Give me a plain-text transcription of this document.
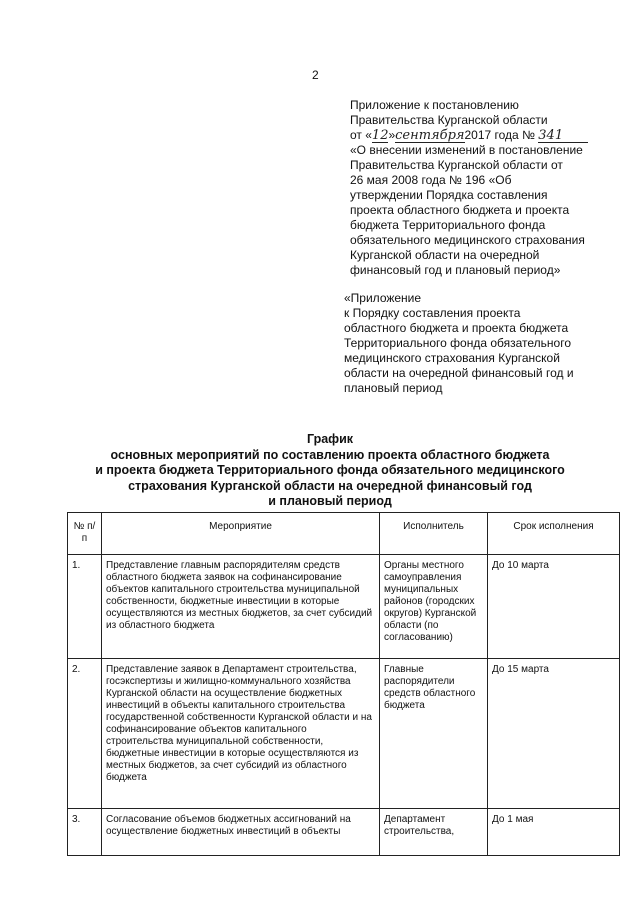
2
Приложение к постановлению
Правительства Курганской области
от «12»сентября2017 года № 341
«О внесении изменений в постановление
Правительства Курганской области от
26 мая 2008 года № 196 «Об
утверждении Порядка составления
проекта областного бюджета и проекта
бюджета Территориального фонда
обязательного медицинского страхования
Курганской области на очередной
финансовый год и плановый период»
«Приложение
к Порядку составления проекта
областного бюджета и проекта бюджета
Территориального фонда обязательного
медицинского страхования Курганской
области на очередной финансовый год и
плановый период
График
основных мероприятий по составлению проекта областного бюджета
и проекта бюджета Территориального фонда обязательного медицинского
страхования Курганской области на очередной финансовый год
и плановый период
№ п/п	Мероприятие	Исполнитель	Срок исполнения
1.	Представление главным распорядителям средств областного бюджета заявок на софинансирование объектов капитального строительства муниципальной собственности, бюджетные инвестиции в которые осуществляются из местных бюджетов, за счет субсидий из областного бюджета	Органы местного самоуправления муниципальных районов (городских округов) Курганской области (по согласованию)	До 10 марта
2.	Представление заявок в Департамент строительства, госэкспертизы и жилищно-коммунального хозяйства Курганской области на осуществление бюджетных инвестиций в объекты капитального строительства государственной собственности Курганской области и на софинансирование объектов капитального строительства муниципальной собственности, бюджетные инвестиции в которые осуществляются из местных бюджетов, за счет субсидий из областного бюджета	Главные распорядители средств областного бюджета	До 15 марта

3.	Согласование объемов бюджетных ассигнований на осуществление бюджетных инвестиций в объекты	Департамент строительства,	До 1 мая
